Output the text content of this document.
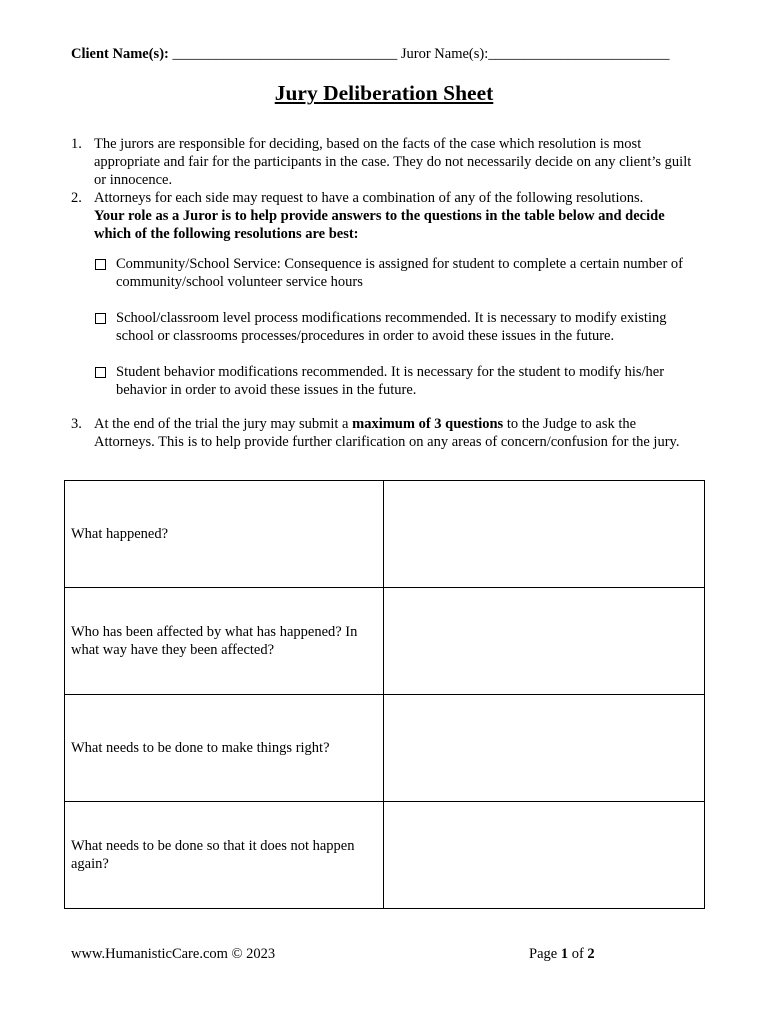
Client Name(s): _______________________________ Juror Name(s):_________________________
Jury Deliberation Sheet
1. The jurors are responsible for deciding, based on the facts of the case which resolution is most appropriate and fair for the participants in the case. They do not necessarily decide on any client’s guilt or innocence.
2. Attorneys for each side may request to have a combination of any of the following resolutions.
Your role as a Juror is to help provide answers to the questions in the table below and decide which of the following resolutions are best:
Community/School Service: Consequence is assigned for student to complete a certain number of community/school volunteer service hours
School/classroom level process modifications recommended. It is necessary to modify existing school or classrooms processes/procedures in order to avoid these issues in the future.
Student behavior modifications recommended. It is necessary for the student to modify his/her behavior in order to avoid these issues in the future.
3. At the end of the trial the jury may submit a maximum of 3 questions to the Judge to ask the Attorneys. This is to help provide further clarification on any areas of concern/confusion for the jury.
What happened?	
Who has been affected by what has happened? In what way have they been affected?	
What needs to be done to make things right?	
What needs to be done so that it does not happen again?	
www.HumanisticCare.com © 2023	Page 1 of 2
